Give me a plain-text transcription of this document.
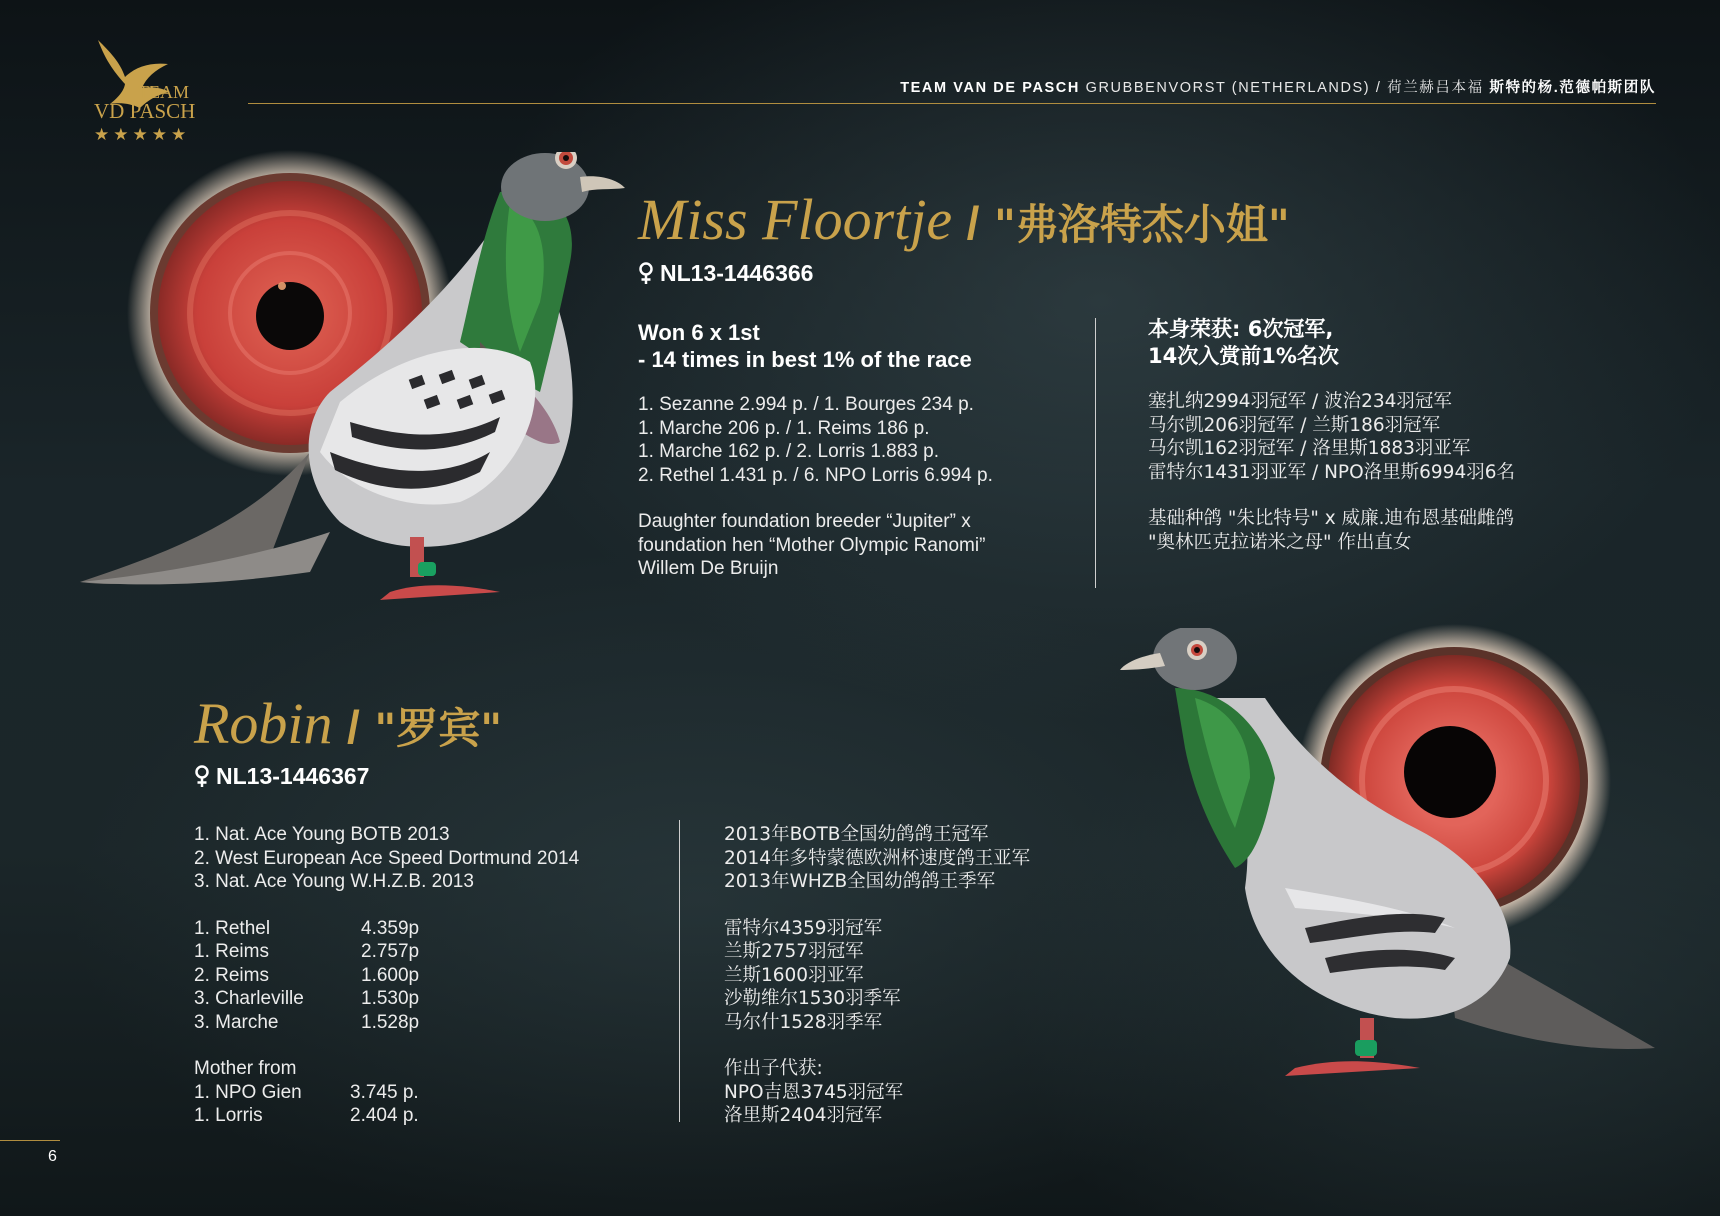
TEAM
VD PASCH
★★★★★
TEAM VAN DE PASCH GRUBBENVORST (NETHERLANDS) / 荷兰赫吕本福 斯特的杨.范德帕斯团队
Miss Floortje / "弗洛特杰小姐"
NL13-1446366
Won 6 x 1st
- 14 times in best 1% of the race
1. Sezanne 2.994 p. / 1. Bourges 234 p.
1. Marche 206 p. / 1. Reims 186 p.
1. Marche 162 p. / 2. Lorris 1.883 p.
2. Rethel 1.431 p. / 6. NPO Lorris 6.994 p.
Daughter foundation breeder “Jupiter” x
foundation hen “Mother Olympic Ranomi”
Willem De Bruijn
本身荣获: 6次冠军,
14次入赏前1%名次
塞扎纳2994羽冠军 / 波治234羽冠军
马尔凯206羽冠军 / 兰斯186羽冠军
马尔凯162羽冠军 / 洛里斯1883羽亚军
雷特尔1431羽亚军 / NPO洛里斯6994羽6名
基础种鸽 "朱比特号" x 威廉.迪布恩基础雌鸽
"奥林匹克拉诺米之母" 作出直女
Robin / "罗宾"
NL13-1446367
1. Nat. Ace Young BOTB 2013
2. West European Ace Speed Dortmund 2014
3. Nat. Ace Young W.H.Z.B. 2013
1. Rethel	4.359p
1. Reims	2.757p
2. Reims	1.600p
3. Charleville	1.530p
3. Marche	1.528p
Mother from
1. NPO Gien	3.745 p.
1. Lorris	2.404 p.
2013年BOTB全国幼鸽鸽王冠军
2014年多特蒙德欧洲杯速度鸽王亚军
2013年WHZB全国幼鸽鸽王季军
雷特尔4359羽冠军
兰斯2757羽冠军
兰斯1600羽亚军
沙勒维尔1530羽季军
马尔什1528羽季军
作出子代获:
NPO吉恩3745羽冠军
洛里斯2404羽冠军
6
